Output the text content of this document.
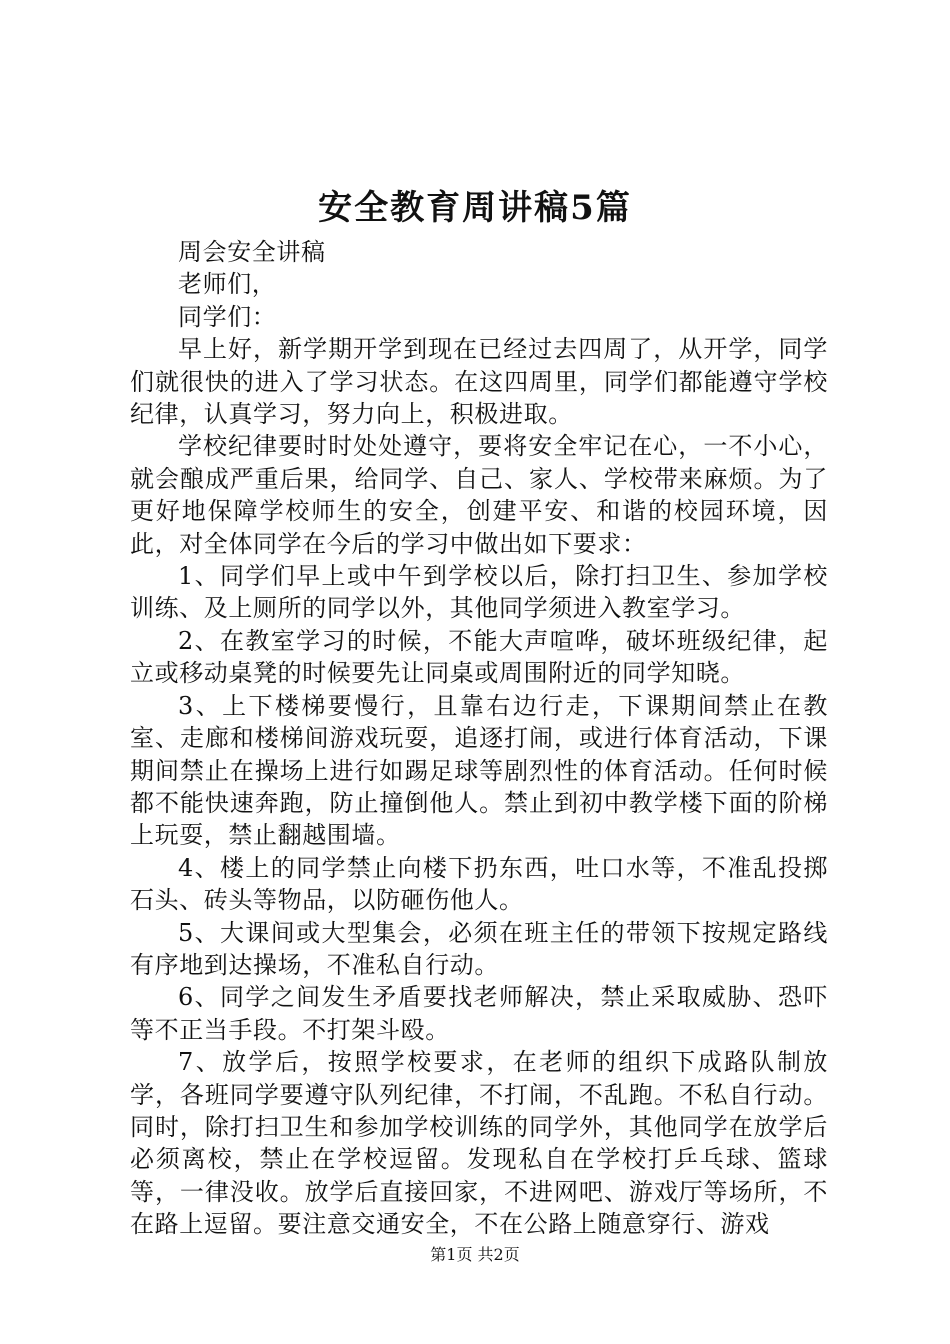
安全教育周讲稿5篇

周会安全讲稿

老师们，

同学们：

早上好，新学期开学到现在已经过去四周了，从开学，同学们就很快的进入了学习状态。在这四周里，同学们都能遵守学校纪律，认真学习，努力向上，积极进取。

学校纪律要时时处处遵守，要将安全牢记在心，一不小心，就会酿成严重后果，给同学、自己、家人、学校带来麻烦。为了更好地保障学校师生的安全，创建平安、和谐的校园环境，因此，对全体同学在今后的学习中做出如下要求：

1、同学们早上或中午到学校以后，除打扫卫生、参加学校训练、及上厕所的同学以外，其他同学须进入教室学习。

2、在教室学习的时候，不能大声喧哗，破坏班级纪律，起立或移动桌凳的时候要先让同桌或周围附近的同学知晓。

3、上下楼梯要慢行，且靠右边行走，下课期间禁止在教室、走廊和楼梯间游戏玩耍，追逐打闹，或进行体育活动，下课期间禁止在操场上进行如踢足球等剧烈性的体育活动。任何时候都不能快速奔跑，防止撞倒他人。禁止到初中教学楼下面的阶梯上玩耍，禁止翻越围墙。

4、楼上的同学禁止向楼下扔东西，吐口水等，不准乱投掷石头、砖头等物品，以防砸伤他人。

5、大课间或大型集会，必须在班主任的带领下按规定路线有序地到达操场，不准私自行动。

6、同学之间发生矛盾要找老师解决，禁止采取威胁、恐吓等不正当手段。不打架斗殴。

7、放学后，按照学校要求，在老师的组织下成路队制放学，各班同学要遵守队列纪律，不打闹，不乱跑。不私自行动。同时，除打扫卫生和参加学校训练的同学外，其他同学在放学后必须离校，禁止在学校逗留。发现私自在学校打乒乓球、篮球等，一律没收。放学后直接回家，不进网吧、游戏厅等场所，不在路上逗留。要注意交通安全，不在公路上随意穿行、游戏

第1页 共2页
